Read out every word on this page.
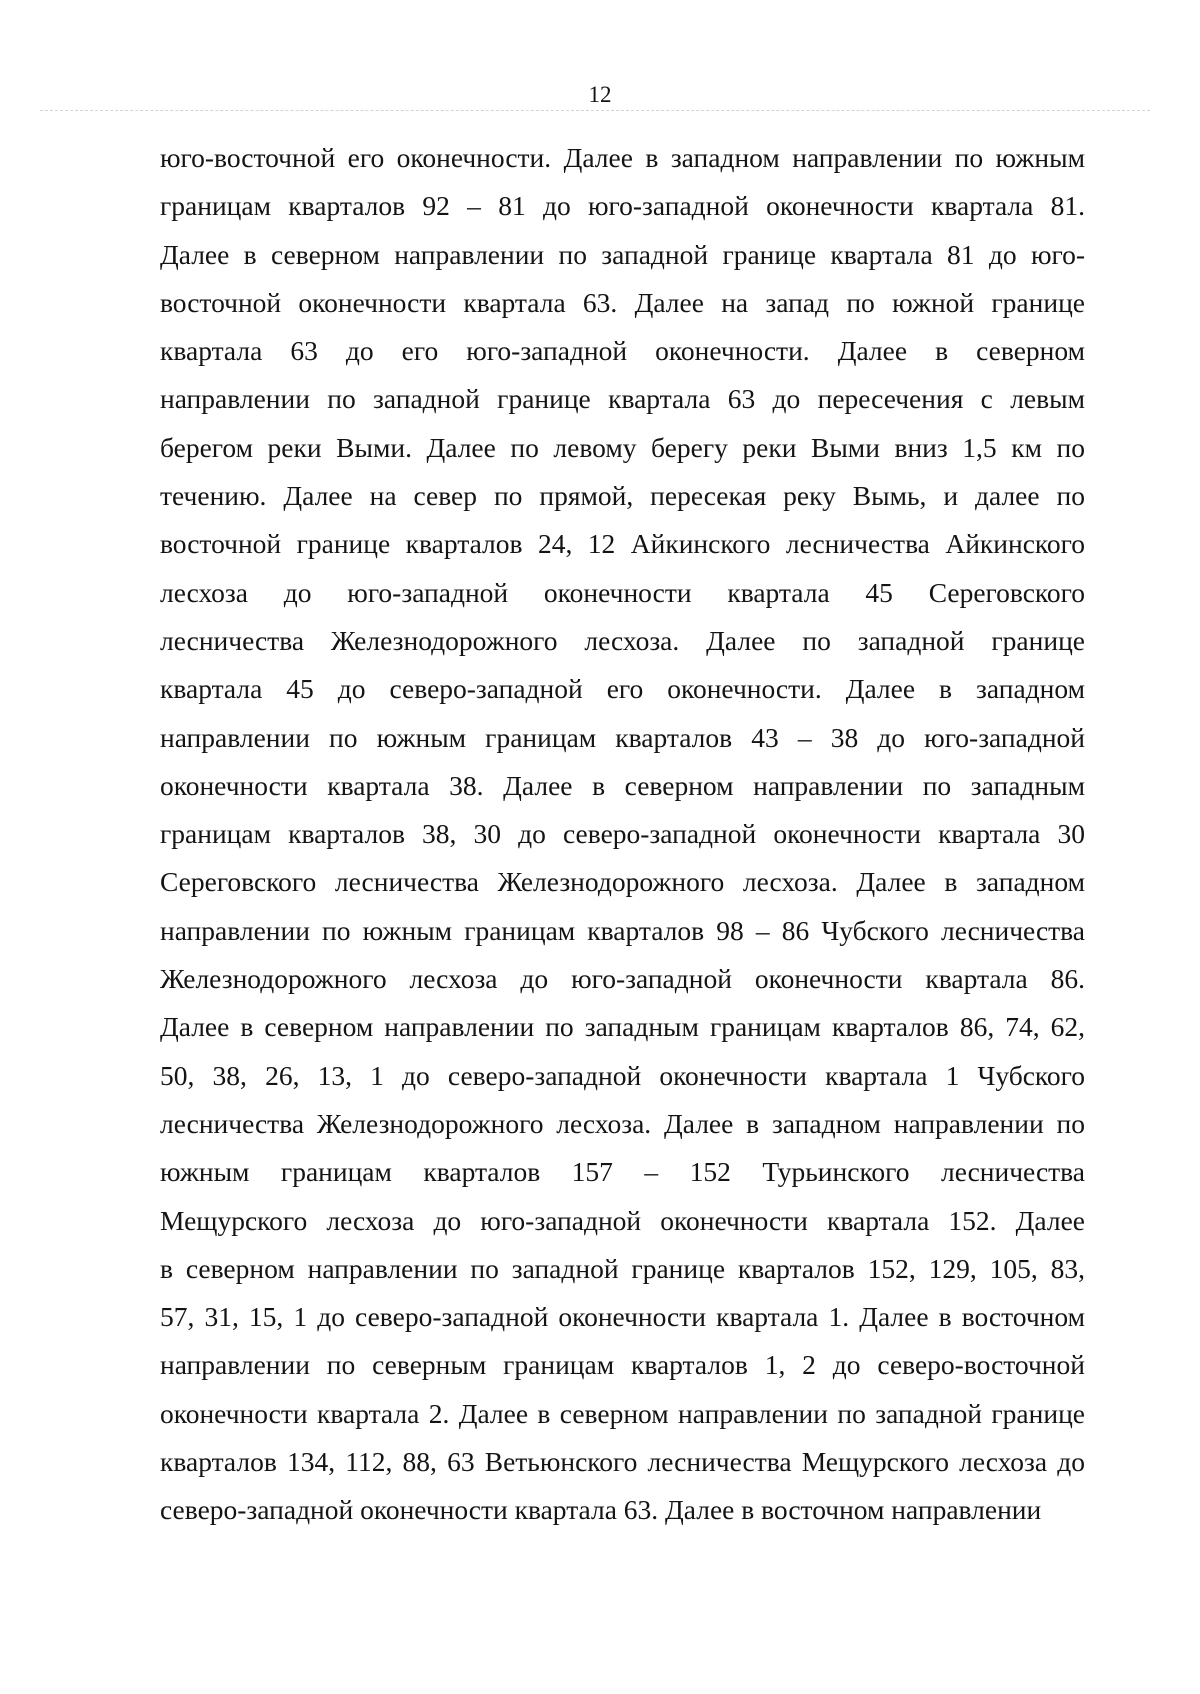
12
юго-восточной его оконечности. Далее в западном направлении по южным
границам кварталов 92 – 81 до юго-западной оконечности квартала 81.
Далее в северном направлении по западной границе квартала 81 до юго-
восточной оконечности квартала 63. Далее на запад по южной границе
квартала 63 до его юго-западной оконечности. Далее в северном
направлении по западной границе квартала 63 до пересечения с левым
берегом реки Выми. Далее по левому берегу реки Выми вниз 1,5 км по
течению. Далее на север по прямой, пересекая реку Вымь, и далее по
восточной границе кварталов 24, 12 Айкинского лесничества Айкинского
лесхоза до юго-западной оконечности квартала 45 Сереговского
лесничества Железнодорожного лесхоза. Далее по западной границе
квартала 45 до северо-западной его оконечности. Далее в западном
направлении по южным границам кварталов 43 – 38 до юго-западной
оконечности квартала 38. Далее в северном направлении по западным
границам кварталов 38, 30 до северо-западной оконечности квартала 30
Сереговского лесничества Железнодорожного лесхоза. Далее в западном
направлении по южным границам кварталов 98 – 86 Чубского лесничества
Железнодорожного лесхоза до юго-западной оконечности квартала 86.
Далее в северном направлении по западным границам кварталов 86, 74, 62,
50, 38, 26, 13, 1 до северо-западной оконечности квартала 1 Чубского
лесничества Железнодорожного лесхоза. Далее в западном направлении по
южным границам кварталов 157 – 152 Турьинского лесничества
Мещурского лесхоза до юго-западной оконечности квартала 152. Далее
в северном направлении по западной границе кварталов 152, 129, 105, 83,
57, 31, 15, 1 до северо-западной оконечности квартала 1. Далее в восточном
направлении по северным границам кварталов 1, 2 до северо-восточной
оконечности квартала 2. Далее в северном направлении по западной границе
кварталов 134, 112, 88, 63 Ветьюнского лесничества Мещурского лесхоза до
северо-западной оконечности квартала 63. Далее в восточном направлении
